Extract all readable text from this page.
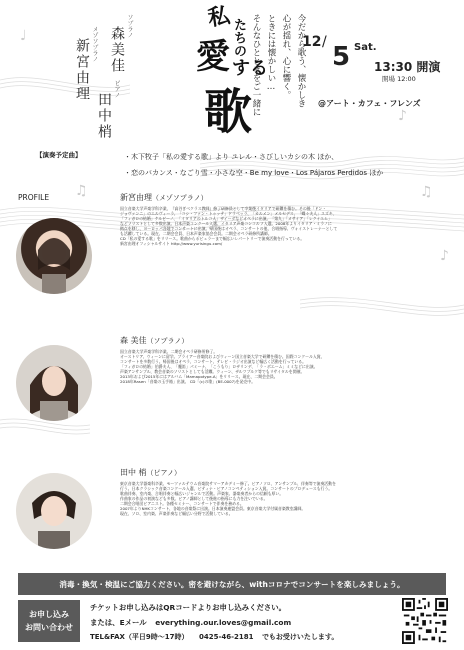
♪
♫
♪
♩
♫
メゾソプラノ
新宮由理
ソプラノ
森美佳
ピアノ
田中梢
私
たちの
愛 する
歌
今だから歌う、懐かしき
心が揺れ、心に響く。
ときには懐かしい…
そんなひとときをご一緒に	12 / 5 Sat.
13:30 開演
開場 12:00
@アート・カフェ・フレンズ
【演奏予定曲】	・木下牧子「私の愛する歌」より ユレル・さびしいカシの木 ほか、
・恋のバカンス・なごり雪・小さな空・Be my love・Los Pájaros Perdidos ほか
PROFILE	新宮由理（メゾソプラノ）
国立音楽大学声楽学科卒業、『高谷ぎベクラス教師』修了研修員として卒業後イタリアで研鑽を積む。その後「ドン・
ジョヴァンニ」のエルヴィーラ、「コシ・ファン・トゥッテ」ドラベッラ、「カルメン」メルセデス、「蝶々夫人」スズキ、
「フィガロの結婚」ケルビーノ、「イタリアのトルコ人」ザイーダなどオペラに出演。「第九」「メサイア」「レクイエム」
などソリストとして多数出演。日本声楽コンクール入選、イタリア声楽コンコルソ入選。2008年よりイタリア・ミラノに
拠点を移し、ヨーロッパ各地でコンサートに出演。帰国後はオペラ、コンサートの他、合唱指導、ヴォイストレーナーとして
も活躍している。現在、二期会会員、日本声楽家協会会員。二期会オペラ研修所講師。
CD「私の愛する歌」をリリース。歌曲からポピュラーまで幅広いレパートリーで演奏活動を行っている。
新宮由理オフィシャルサイト http://www.yurisingu.com/
森 美佳（ソプラノ）
国立音楽大学声楽学科卒業。二期会オペラ研修所修了。
オーストリア、ウィーンに留学。ブライアー音楽院およびウィーン国立音楽大学で研鑽を積む。国際コンクール入賞、
コンサートを多数行う。帰国後はオペラ、コンサート、テレビ・ラジオ出演など幅広く活動を行っている。
「フィガロの結婚」伯爵夫人、「魔笛」パミーナ、「こうもり」ロザリンデ、「ラ・ボエーム」ミミなどに出演。
声楽アンサンブル、教会音楽のソリストとしても活躍。ウィーン、ザルツブルク等でもリサイタルを開催。
2013年および2015年にはアルバム「Mamapotype-A」をリリース。現在、二期会会員。
2018年Rasen「音楽の玉手箱」出演。 CD「(c)の歌」(BE-0007)を発売中。
田中 梢（ピアノ）
東京音楽大学器楽科卒業、モーツァルテウム音楽院サマーアカデミー修了。ピアノソロ、アンサンブル、伴奏等で演奏活動を
行う。日本クラシック音楽コンクール入選、ピティナ・ピアノコンペティション入賞。コンサートのプロデュースも行う。
歌曲伴奏、室内楽、合唱伴奏と幅広いジャンルで活動。声楽家、器楽奏者からの信頼も厚い。
作曲家の作品の初演なども多数。ピアノ講師として後進の指導にも力を注いでいる。
二期会合唱団ピアニスト。各種セミナー、コンサートで伴奏を務める。
2007年よりNHKコンサート、各地の音楽祭に出演。日本演奏連盟会員。東京音楽大学付属音楽教室講師。
現在、ソロ、室内楽、声楽伴奏など幅広い分野で活動している。
消毒・換気・検温にご協力ください。密を避けながら、withコロナでコンサートを楽しみましょう。
お申し込み
お問い合わせ
チケットお申し込みはQRコードよりお申し込みください。
または、Eメール everything.our.loves@gmail.com
TEL&FAX（平日9時〜17時） 0425-46-2181 でもお受けいたします。
